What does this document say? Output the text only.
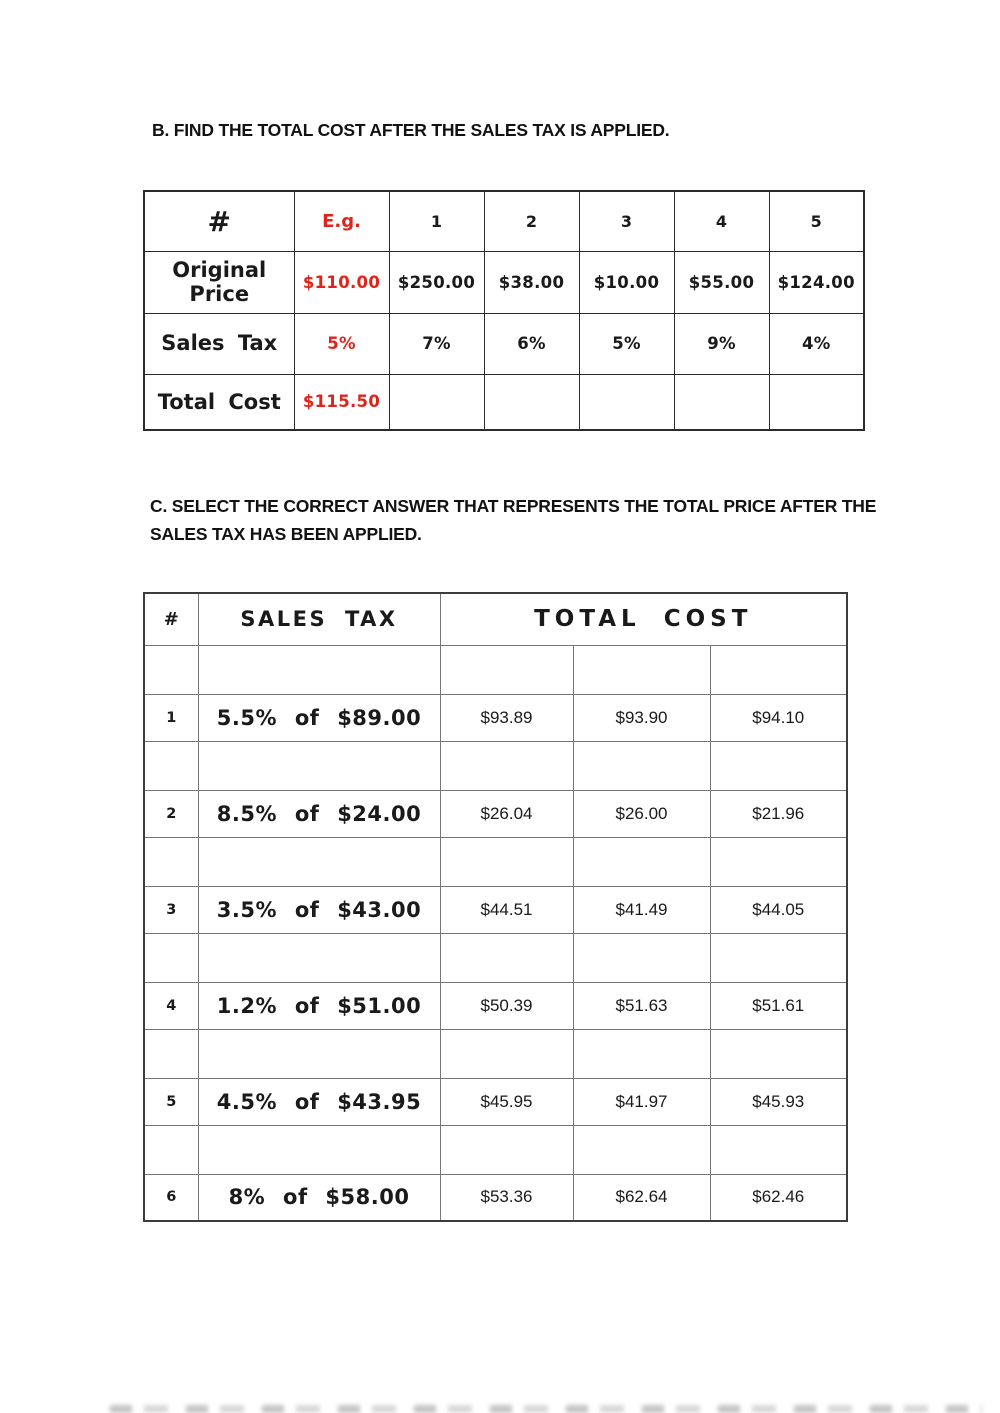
B. FIND THE TOTAL COST AFTER THE SALES TAX IS APPLIED.
#	E.g.	1	2	3	4	5
Original Price	$110.00	$250.00	$38.00	$10.00	$55.00	$124.00
Sales Tax	5%	7%	6%	5%	9%	4%
Total Cost	$115.50					
C. SELECT THE CORRECT ANSWER THAT REPRESENTS THE TOTAL PRICE AFTER THE
SALES TAX HAS BEEN APPLIED.
#	SALES TAX	TOTAL COST		

1	5.5% of $89.00	$93.89	$93.90	$94.10

2	8.5% of $24.00	$26.04	$26.00	$21.96

3	3.5% of $43.00	$44.51	$41.49	$44.05

4	1.2% of $51.00	$50.39	$51.63	$51.61

5	4.5% of $43.95	$45.95	$41.97	$45.93

6	8% of $58.00	$53.36	$62.64	$62.46
